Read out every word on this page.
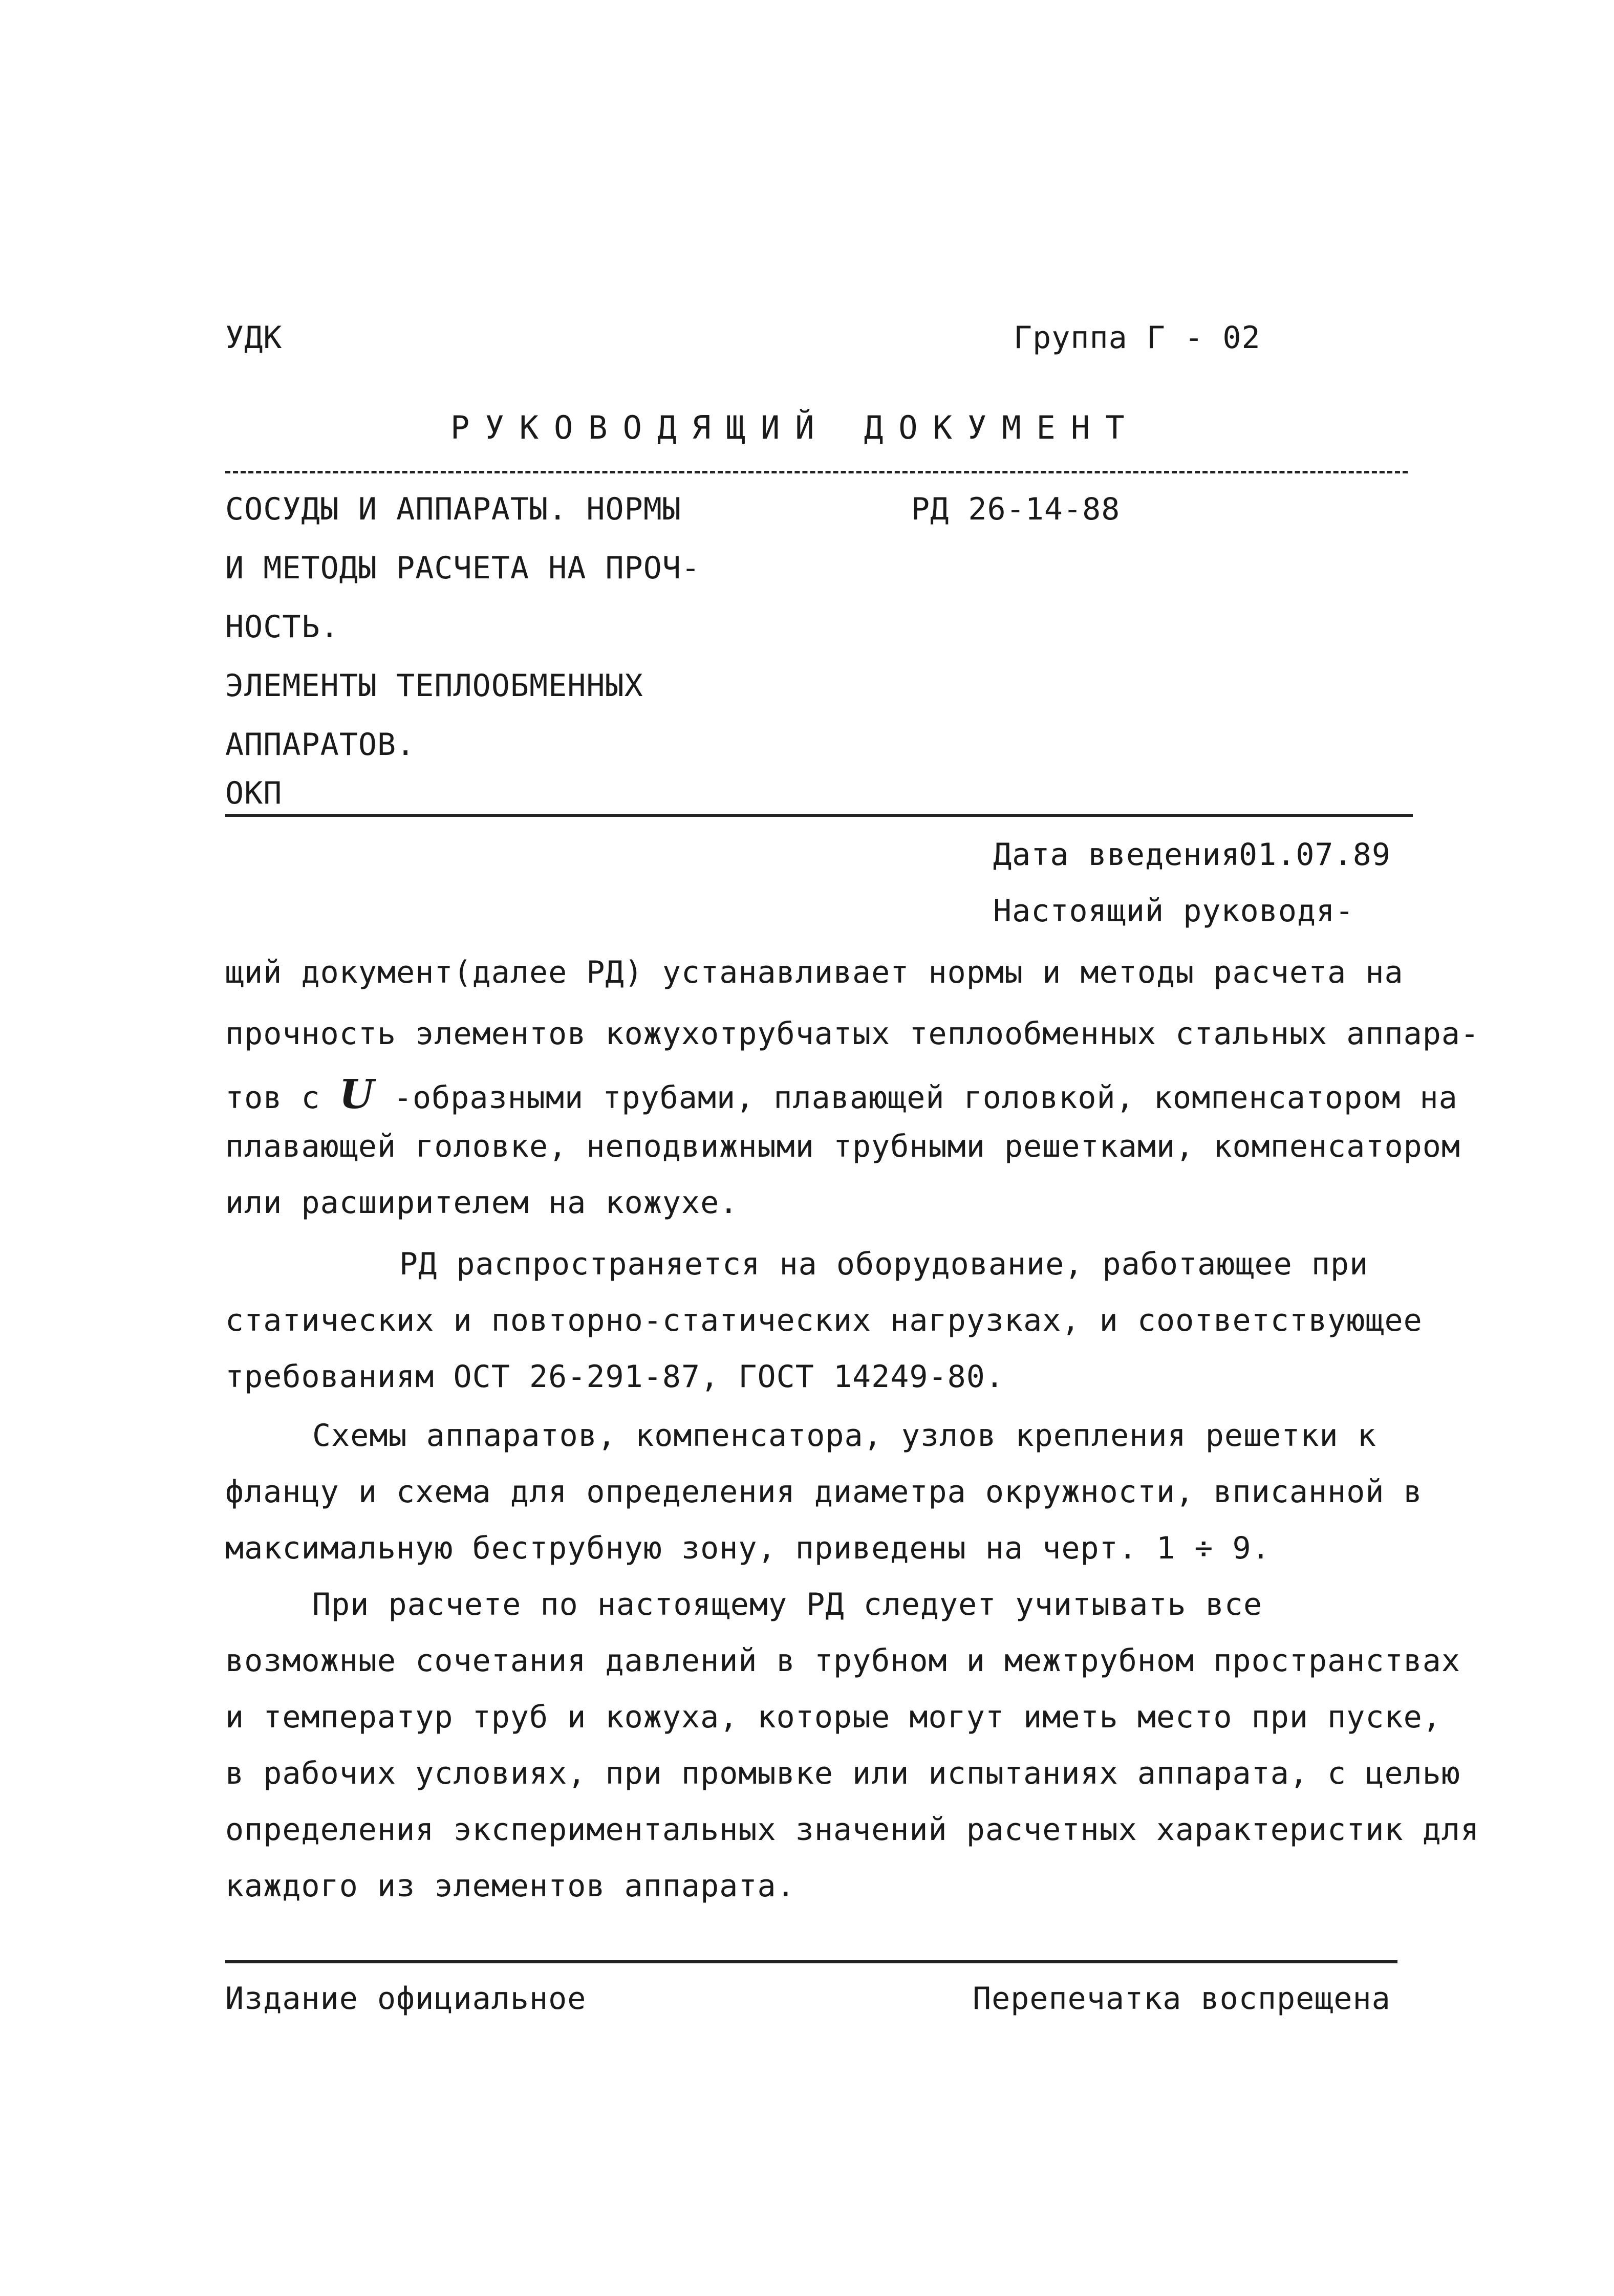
УДК	Группа Г - 02
РУКОВОДЯЩИЙ ДОКУМЕНТ
СОСУДЫ И АППАРАТЫ. НОРМЫ	РД 26-14-88
И МЕТОДЫ РАСЧЕТА НА ПРОЧ-
НОСТЬ.
ЭЛЕМЕНТЫ ТЕПЛООБМЕННЫХ
АППАРАТОВ.
ОКП
Дата введения
01.07.89
Настоящий руководя-
щий документ(далее РД) устанавливает нормы и методы расчета на
прочность элементов кожухотрубчатых теплообменных стальных аппара-
тов с U -образными трубами, плавающей головкой, компенсатором на
плавающей головке, неподвижными трубными решетками, компенсатором
или расширителем на кожухе.
РД распространяется на оборудование, работающее при
статических и повторно-статических нагрузках, и соответствующее
требованиям ОСТ 26-291-87, ГОСТ 14249-80.
Схемы аппаратов, компенсатора, узлов крепления решетки к
фланцу и схема для определения диаметра окружности, вписанной в
максимальную беструбную зону, приведены на черт. 1 ÷ 9.
При расчете по настоящему РД следует учитывать все
возможные сочетания давлений в трубном и межтрубном пространствах
и температур труб и кожуха, которые могут иметь место при пуске,
в рабочих условиях, при промывке или испытаниях аппарата, с целью
определения экспериментальных значений расчетных характеристик для
каждого из элементов аппарата.
Издание официальное	Перепечатка воспрещена
